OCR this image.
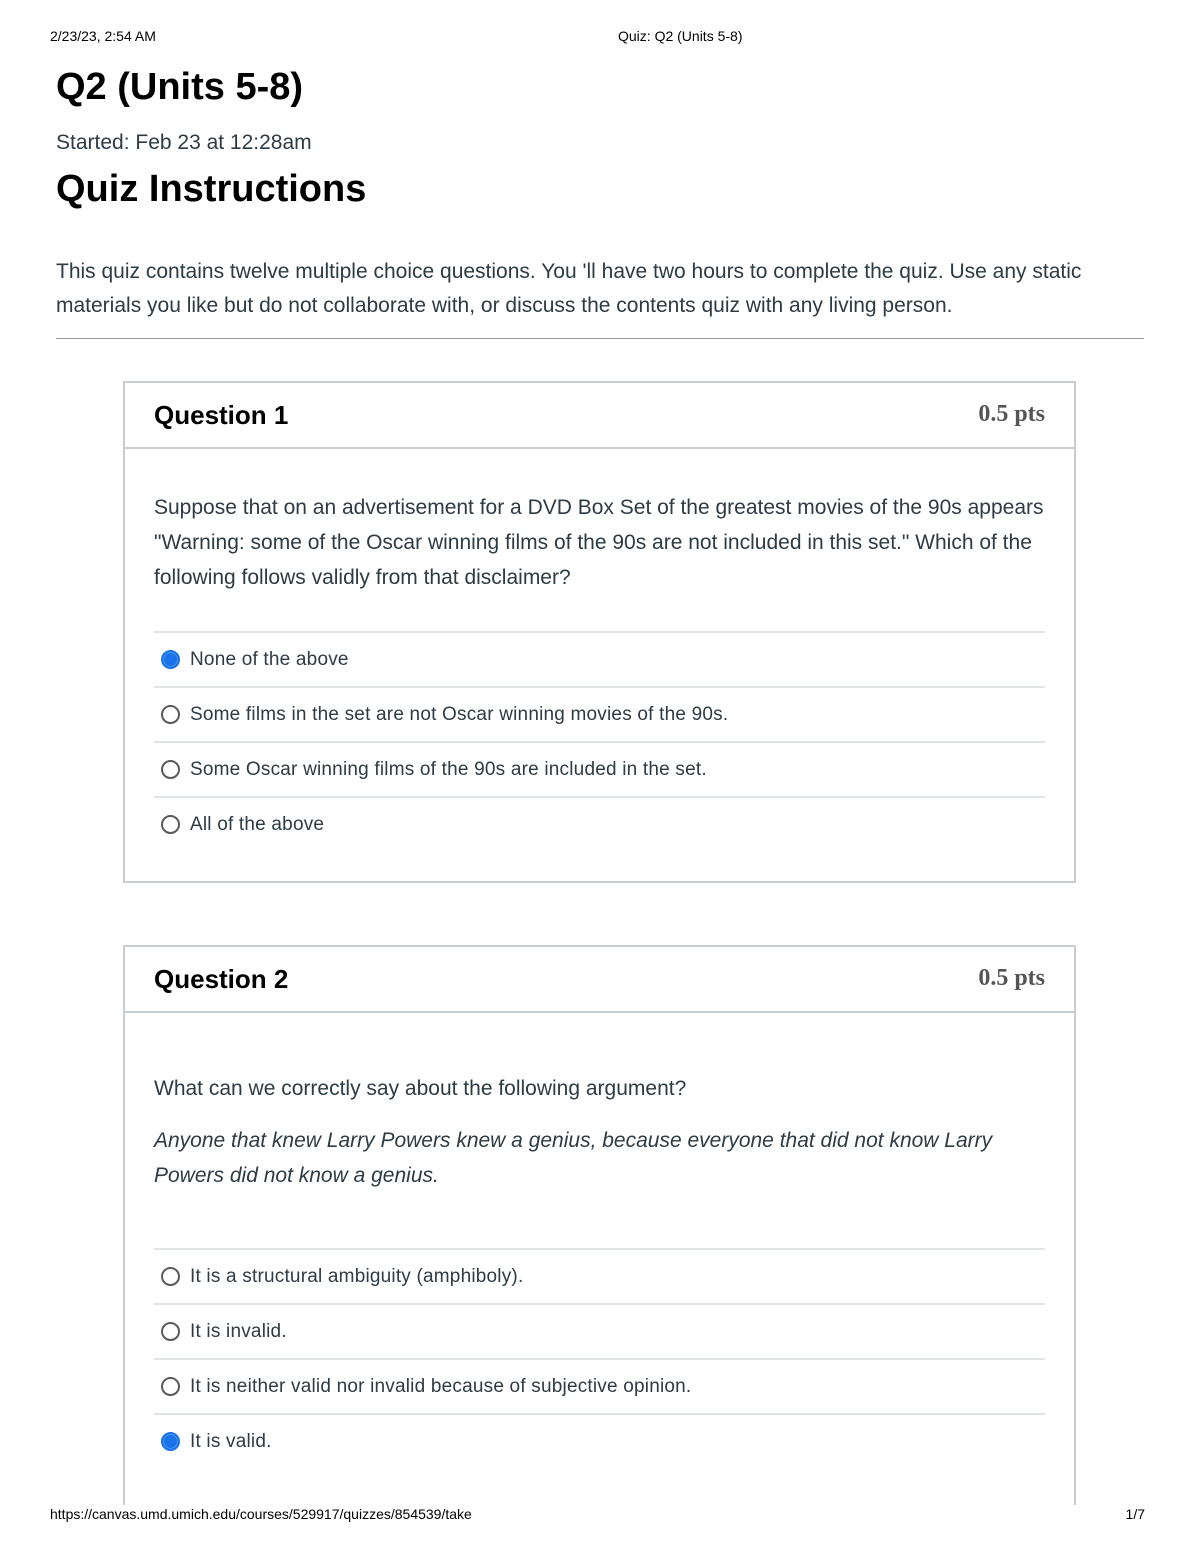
2/23/23, 2:54 AM	Quiz: Q2 (Units 5-8)
Q2 (Units 5-8)
Started: Feb 23 at 12:28am
Quiz Instructions
This quiz contains twelve multiple choice questions. You 'll have two hours to complete the quiz. Use any static materials you like but do not collaborate with, or discuss the contents quiz with any living person.
Question 1	0.5 pts

Suppose that on an advertisement for a DVD Box Set of the greatest movies of the 90s appears "Warning: some of the Oscar winning films of the 90s are not included in this set." Which of the following follows validly from that disclaimer?

None of the above
Some films in the set are not Oscar winning movies of the 90s.
Some Oscar winning films of the 90s are included in the set.
All of the above
Question 2	0.5 pts

What can we correctly say about the following argument?

Anyone that knew Larry Powers knew a genius, because everyone that did not know Larry Powers did not know a genius.

It is a structural ambiguity (amphiboly).
It is invalid.
It is neither valid nor invalid because of subjective opinion.
It is valid.
https://canvas.umd.umich.edu/courses/529917/quizzes/854539/take	1/7
